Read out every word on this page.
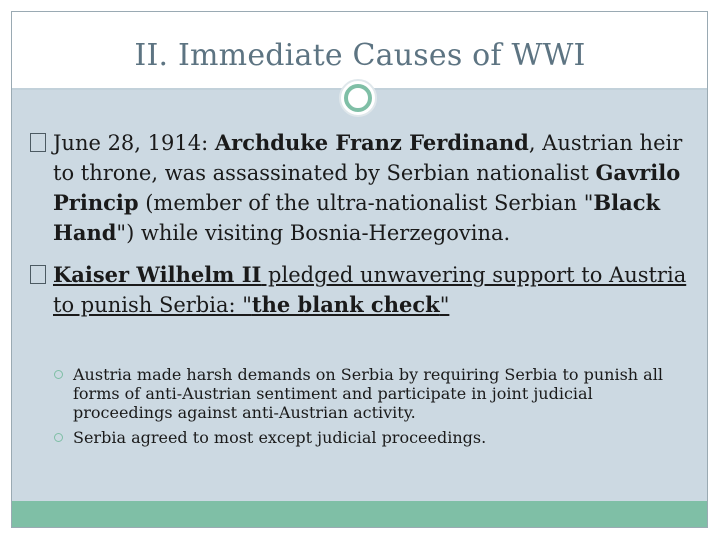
II. Immediate Causes of WWI

June 28, 1914: Archduke Franz Ferdinand, Austrian heir to throne, was assassinated by Serbian nationalist Gavrilo Princip (member of the ultra-nationalist Serbian "Black Hand") while visiting Bosnia-Herzegovina.

Kaiser Wilhelm II pledged unwavering support to Austria to punish Serbia: "the blank check"

Austria made harsh demands on Serbia by requiring Serbia to punish all forms of anti-Austrian sentiment and participate in joint judicial proceedings against anti-Austrian activity.
Serbia agreed to most except judicial proceedings.
